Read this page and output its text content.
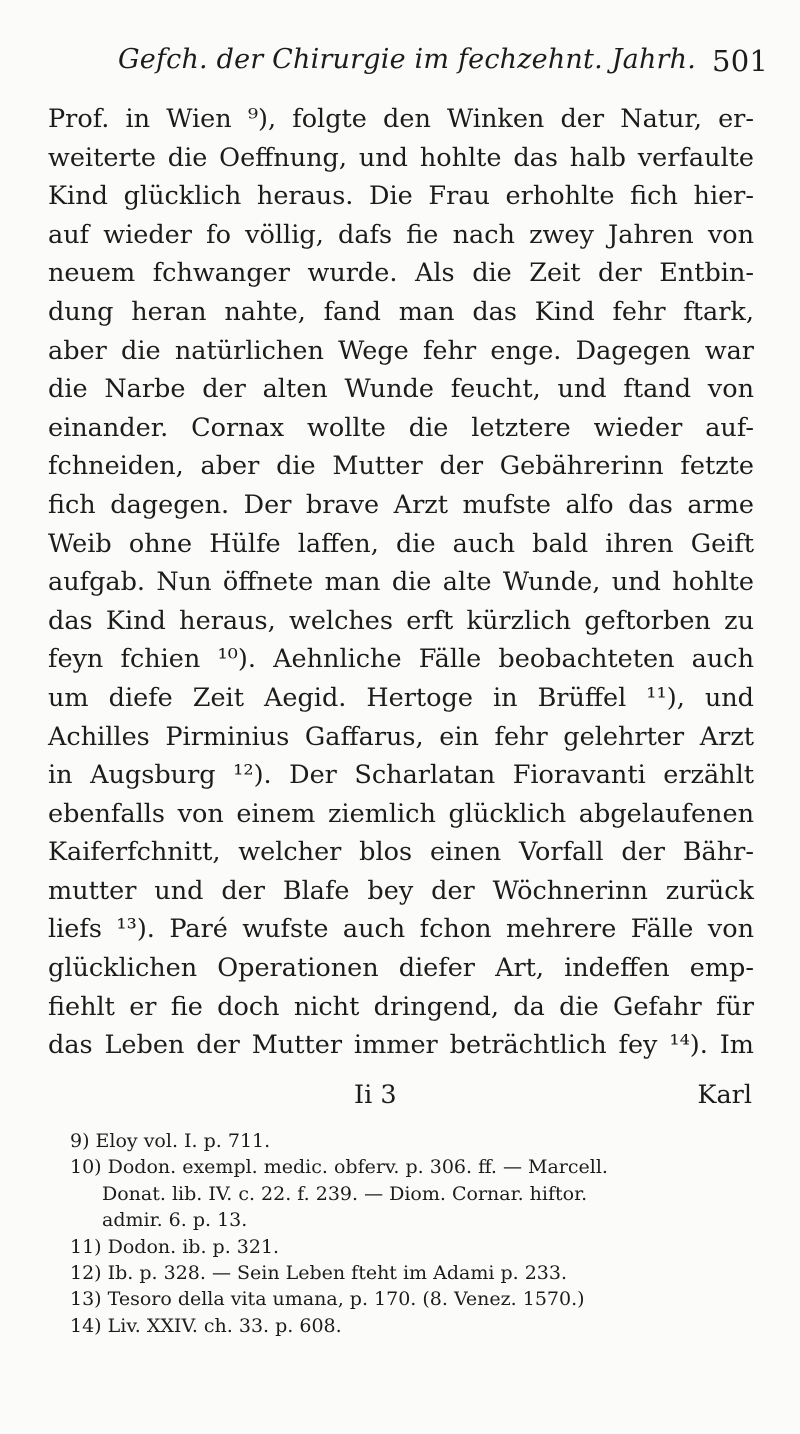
Gefch. der Chirurgie im fechzehnt. Jahrh. 501
Prof. in Wien ⁹), folgte den Winken der Natur, er-
weiterte die Oeffnung, und hohlte das halb verfaulte
Kind glücklich heraus. Die Frau erhohlte fich hier-
auf wieder fo völlig, dafs fie nach zwey Jahren von
neuem fchwanger wurde. Als die Zeit der Entbin-
dung heran nahte, fand man das Kind fehr ftark,
aber die natürlichen Wege fehr enge. Dagegen war
die Narbe der alten Wunde feucht, und ftand von
einander. Cornax wollte die letztere wieder auf-
fchneiden, aber die Mutter der Gebährerinn fetzte
fich dagegen. Der brave Arzt mufste alfo das arme
Weib ohne Hülfe laffen, die auch bald ihren Geift
aufgab. Nun öffnete man die alte Wunde, und hohlte
das Kind heraus, welches erft kürzlich geftorben zu
feyn fchien ¹⁰). Aehnliche Fälle beobachteten auch
um diefe Zeit Aegid. Hertoge in Brüffel ¹¹), und
Achilles Pirminius Gaffarus, ein fehr gelehrter Arzt
in Augsburg ¹²). Der Scharlatan Fioravanti erzählt
ebenfalls von einem ziemlich glücklich abgelaufenen
Kaiferfchnitt, welcher blos einen Vorfall der Bähr-
mutter und der Blafe bey der Wöchnerinn zurück
liefs ¹³). Paré wufste auch fchon mehrere Fälle von
glücklichen Operationen diefer Art, indeffen emp-
fiehlt er fie doch nicht dringend, da die Gefahr für
das Leben der Mutter immer beträchtlich fey ¹⁴). Im
Ii 3	Karl
9) Eloy vol. I. p. 711.
10) Dodon. exempl. medic. obferv. p. 306. ff. — Marcell.
Donat. lib. IV. c. 22. f. 239. — Diom. Cornar. hiftor.
admir. 6. p. 13.
11) Dodon. ib. p. 321.
12) Ib. p. 328. — Sein Leben fteht im Adami p. 233.
13) Tesoro della vita umana, p. 170. (8. Venez. 1570.)
14) Liv. XXIV. ch. 33. p. 608.
